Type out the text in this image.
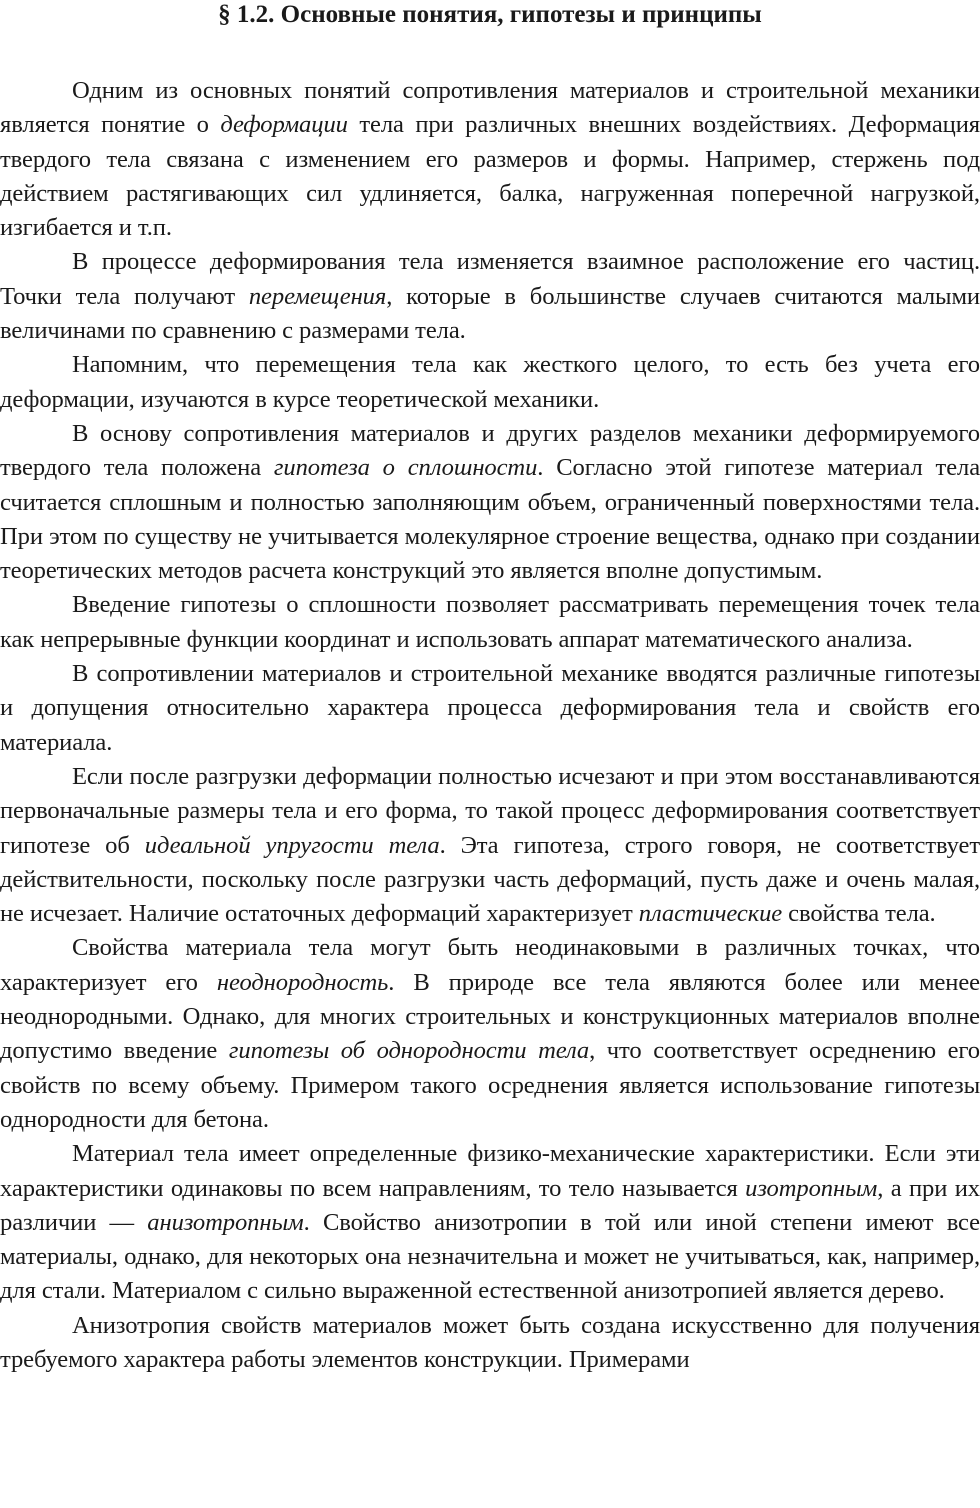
§ 1.2. Основные понятия, гипотезы и принципы

Одним из основных понятий сопротивления материалов и строительной механики является понятие о деформации тела при различных внешних воздействиях. Деформация твердого тела связана с изменением его размеров и формы. Например, стержень под действием растягивающих сил удлиняется, балка, нагруженная поперечной нагрузкой, изгибается и т.п.

В процессе деформирования тела изменяется взаимное расположение его частиц. Точки тела получают перемещения, которые в большинстве случаев считаются малыми величинами по сравнению с размерами тела.

Напомним, что перемещения тела как жесткого целого, то есть без учета его деформации, изучаются в курсе теоретической механики.

В основу сопротивления материалов и других разделов механики деформируемого твердого тела положена гипотеза о сплошности. Согласно этой гипотезе материал тела считается сплошным и полностью заполняющим объем, ограниченный поверхностями тела. При этом по существу не учитывается молекулярное строение вещества, однако при создании теоретических методов расчета конструкций это является вполне допустимым.

Введение гипотезы о сплошности позволяет рассматривать перемещения точек тела как непрерывные функции координат и использовать аппарат математического анализа.

В сопротивлении материалов и строительной механике вводятся различные гипотезы и допущения относительно характера процесса деформирования тела и свойств его материала.

Если после разгрузки деформации полностью исчезают и при этом восстанавливаются первоначальные размеры тела и его форма, то такой процесс деформирования соответствует гипотезе об идеальной упругости тела. Эта гипотеза, строго говоря, не соответствует действительности, поскольку после разгрузки часть деформаций, пусть даже и очень малая, не исчезает. Наличие остаточных деформаций характеризует пластические свойства тела.

Свойства материала тела могут быть неодинаковыми в различных точках, что характеризует его неоднородность. В природе все тела являются более или менее неоднородными. Однако, для многих строительных и конструкционных материалов вполне допустимо введение гипотезы об однородности тела, что соответствует осреднению его свойств по всему объему. Примером такого осреднения является использование гипотезы однородности для бетона.

Материал тела имеет определенные физико-механические характеристики. Если эти характеристики одинаковы по всем направлениям, то тело называется изотропным, а при их различии — анизотропным. Свойство анизотропии в той или иной степени имеют все материалы, однако, для некоторых она незначительна и может не учитываться, как, например, для стали. Материалом с сильно выраженной естественной анизотропией является дерево.

Анизотропия свойств материалов может быть создана искусственно для получения требуемого характера работы элементов конструкции. Примерами
